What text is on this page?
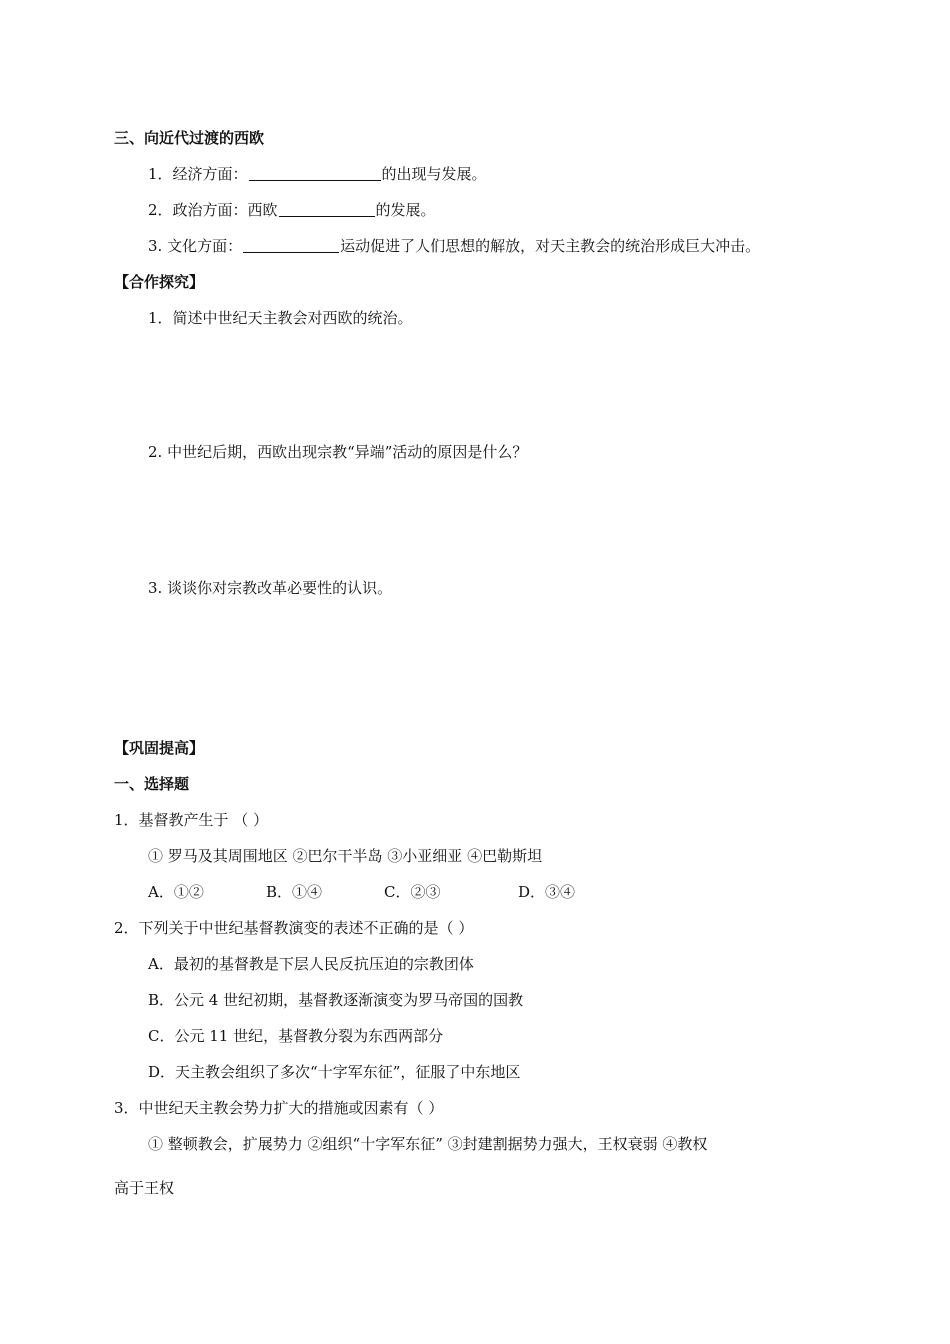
三、向近代过渡的西欧
1．经济方面：	的出现与发展。
2．政治方面：西欧	的发展。
3. 文化方面：	运动促进了人们思想的解放，对天主教会的统治形成巨大冲击。
【合作探究】
1．简述中世纪天主教会对西欧的统治。
2. 中世纪后期，西欧出现宗教“异端”活动的原因是什么？
3. 谈谈你对宗教改革必要性的认识。
【巩固提高】
一、选择题
1．基督教产生于 （ ）
① 罗马及其周围地区 ②巴尔干半岛 ③小亚细亚 ④巴勒斯坦
A．①②	B．①④	C．②③	D．③④
2．下列关于中世纪基督教演变的表述不正确的是（ ）
A．最初的基督教是下层人民反抗压迫的宗教团体
B．公元 4 世纪初期，基督教逐渐演变为罗马帝国的国教
C．公元 11 世纪，基督教分裂为东西两部分
D．天主教会组织了多次“十字军东征”，征服了中东地区
3．中世纪天主教会势力扩大的措施或因素有（ ）
① 整顿教会，扩展势力 ②组织“十字军东征” ③封建割据势力强大，王权衰弱 ④教权
高于王权
